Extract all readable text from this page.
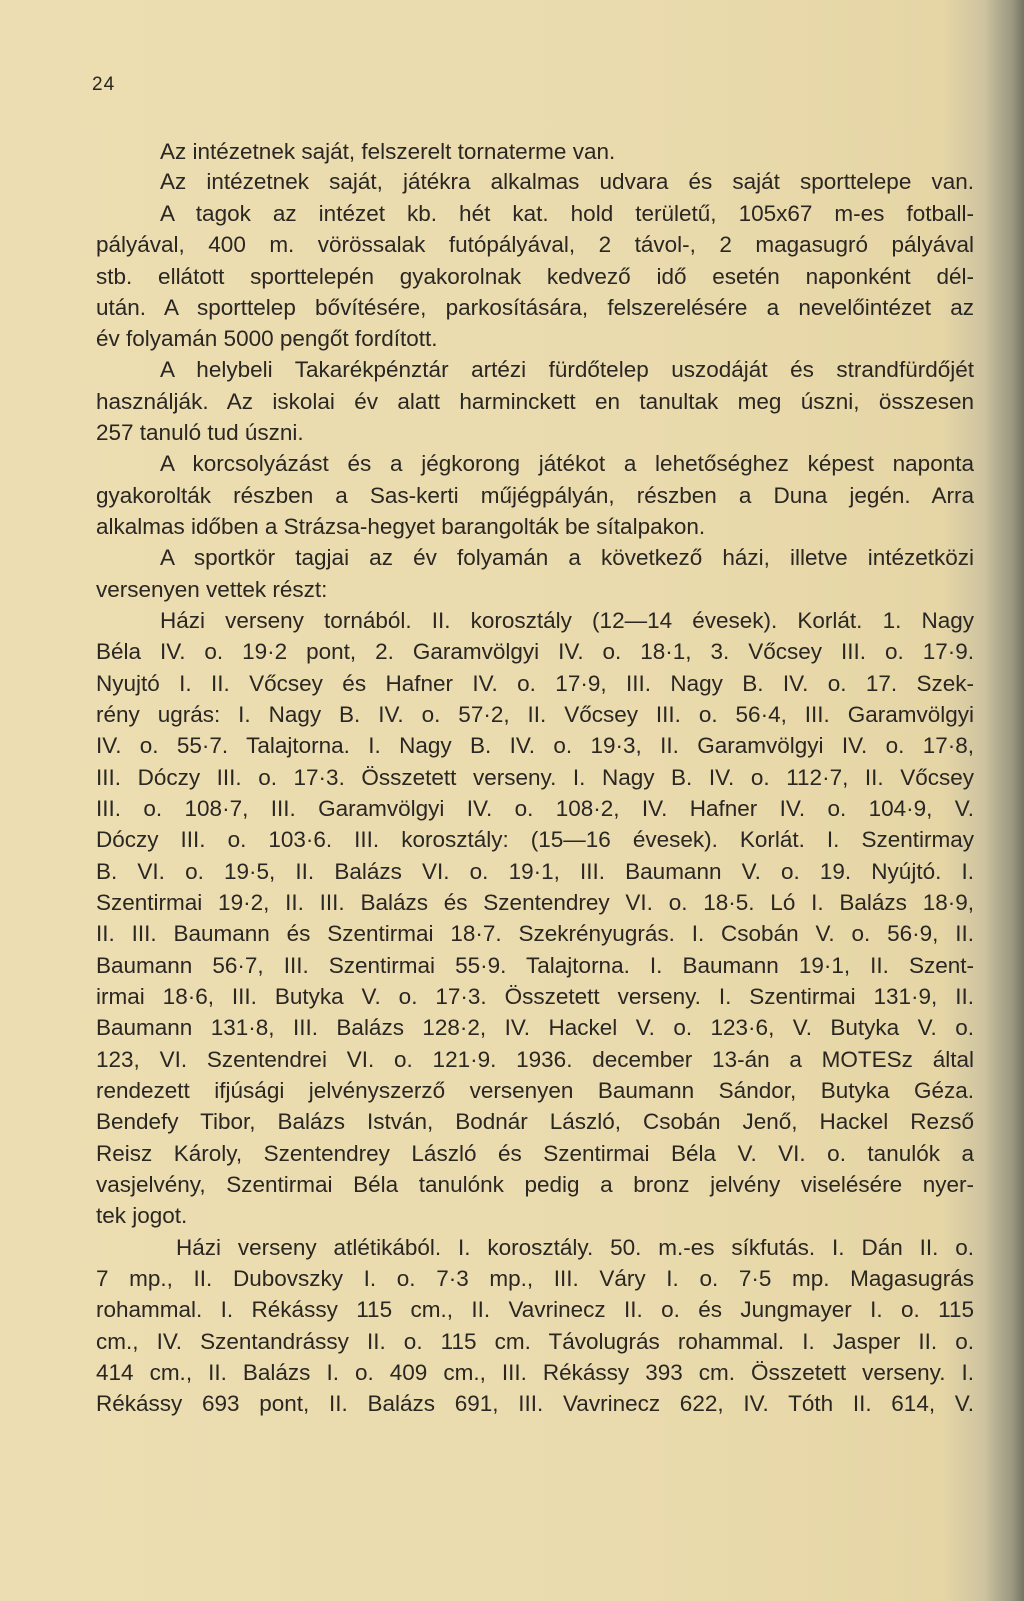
24
Az intézetnek saját, felszerelt tornaterme van.
Az intézetnek saját, játékra alkalmas udvara és saját sporttelepe van.
A tagok az intézet kb. hét kat. hold területű, 105x67 m-es fotball-
pályával, 400 m. vörössalak futópályával, 2 távol-, 2 magasugró pályával
stb. ellátott sporttelepén gyakorolnak kedvező idő esetén naponként dél-
után. A sporttelep bővítésére, parkosítására, felszerelésére a nevelőintézet az
év folyamán 5000 pengőt fordított.
A helybeli Takarékpénztár artézi fürdőtelep uszodáját és strandfürdőjét
használják. Az iskolai év alatt harminckett en tanultak meg úszni, összesen
257 tanuló tud úszni.
A korcsolyázást és a jégkorong játékot a lehetőséghez képest naponta
gyakorolták részben a Sas-kerti műjégpályán, részben a Duna jegén. Arra
alkalmas időben a Strázsa-hegyet barangolták be sítalpakon.
A sportkör tagjai az év folyamán a következő házi, illetve intézetközi
versenyen vettek részt:
Házi verseny tornából. II. korosztály (12—14 évesek). Korlát. 1. Nagy
Béla IV. o. 19·2 pont, 2. Garamvölgyi IV. o. 18·1, 3. Vőcsey III. o. 17·9.
Nyujtó I. II. Vőcsey és Hafner IV. o. 17·9, III. Nagy B. IV. o. 17. Szek-
rény ugrás: I. Nagy B. IV. o. 57·2, II. Vőcsey III. o. 56·4, III. Garamvölgyi
IV. o. 55·7. Talajtorna. I. Nagy B. IV. o. 19·3, II. Garamvölgyi IV. o. 17·8,
III. Dóczy III. o. 17·3. Összetett verseny. I. Nagy B. IV. o. 112·7, II. Vőcsey
III. o. 108·7, III. Garamvölgyi IV. o. 108·2, IV. Hafner IV. o. 104·9, V.
Dóczy III. o. 103·6. III. korosztály: (15—16 évesek). Korlát. I. Szentirmay
B. VI. o. 19·5, II. Balázs VI. o. 19·1, III. Baumann V. o. 19. Nyújtó. I.
Szentirmai 19·2, II. III. Balázs és Szentendrey VI. o. 18·5. Ló I. Balázs 18·9,
II. III. Baumann és Szentirmai 18·7. Szekrényugrás. I. Csobán V. o. 56·9, II.
Baumann 56·7, III. Szentirmai 55·9. Talajtorna. I. Baumann 19·1, II. Szent-
irmai 18·6, III. Butyka V. o. 17·3. Összetett verseny. I. Szentirmai 131·9, II.
Baumann 131·8, III. Balázs 128·2, IV. Hackel V. o. 123·6, V. Butyka V. o.
123, VI. Szentendrei VI. o. 121·9. 1936. december 13-án a MOTESz által
rendezett ifjúsági jelvényszerző versenyen Baumann Sándor, Butyka Géza.
Bendefy Tibor, Balázs István, Bodnár László, Csobán Jenő, Hackel Rezső
Reisz Károly, Szentendrey László és Szentirmai Béla V. VI. o. tanulók a
vasjelvény, Szentirmai Béla tanulónk pedig a bronz jelvény viselésére nyer-
tek jogot.
Házi verseny atlétikából. I. korosztály. 50. m.-es síkfutás. I. Dán II. o.
7 mp., II. Dubovszky I. o. 7·3 mp., III. Váry I. o. 7·5 mp. Magasugrás
rohammal. I. Rékássy 115 cm., II. Vavrinecz II. o. és Jungmayer I. o. 115
cm., IV. Szentandrássy II. o. 115 cm. Távolugrás rohammal. I. Jasper II. o.
414 cm., II. Balázs I. o. 409 cm., III. Rékássy 393 cm. Összetett verseny. I.
Rékássy 693 pont, II. Balázs 691, III. Vavrinecz 622, IV. Tóth II. 614, V.
